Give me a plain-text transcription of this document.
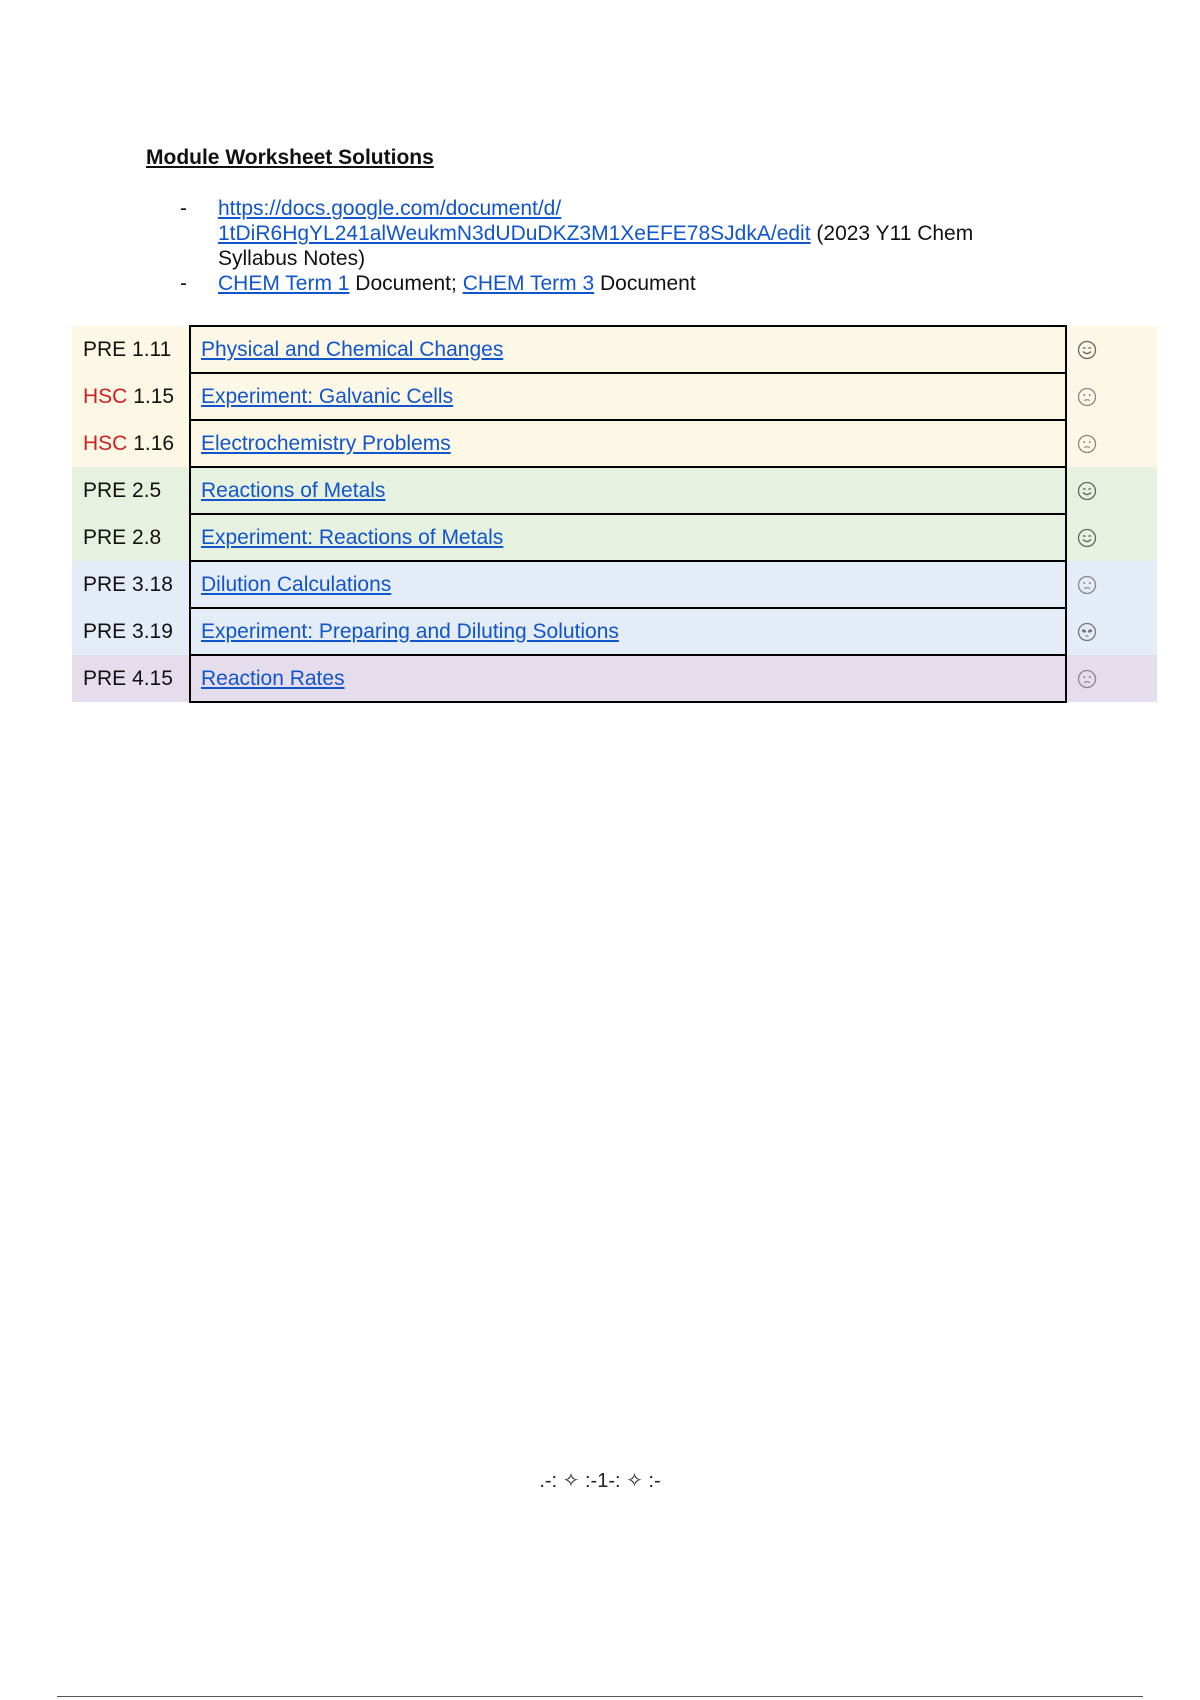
Module Worksheet Solutions
- https://docs.google.com/document/d/
1tDiR6HgYL241alWeukmN3dUDuDKZ3M1XeEFE78SJdkA/edit (2023 Y11 Chem Syllabus Notes)
- CHEM Term 1 Document; CHEM Term 3 Document
PRE 1.11	Physical and Chemical Changes	
HSC 1.15	Experiment: Galvanic Cells	
HSC 1.16	Electrochemistry Problems	
PRE 2.5	Reactions of Metals	
PRE 2.8	Experiment: Reactions of Metals	
PRE 3.18	Dilution Calculations	
PRE 3.19	Experiment: Preparing and Diluting Solutions	
PRE 4.15	Reaction Rates	
.-: ✧ :-1-: ✧ :-
